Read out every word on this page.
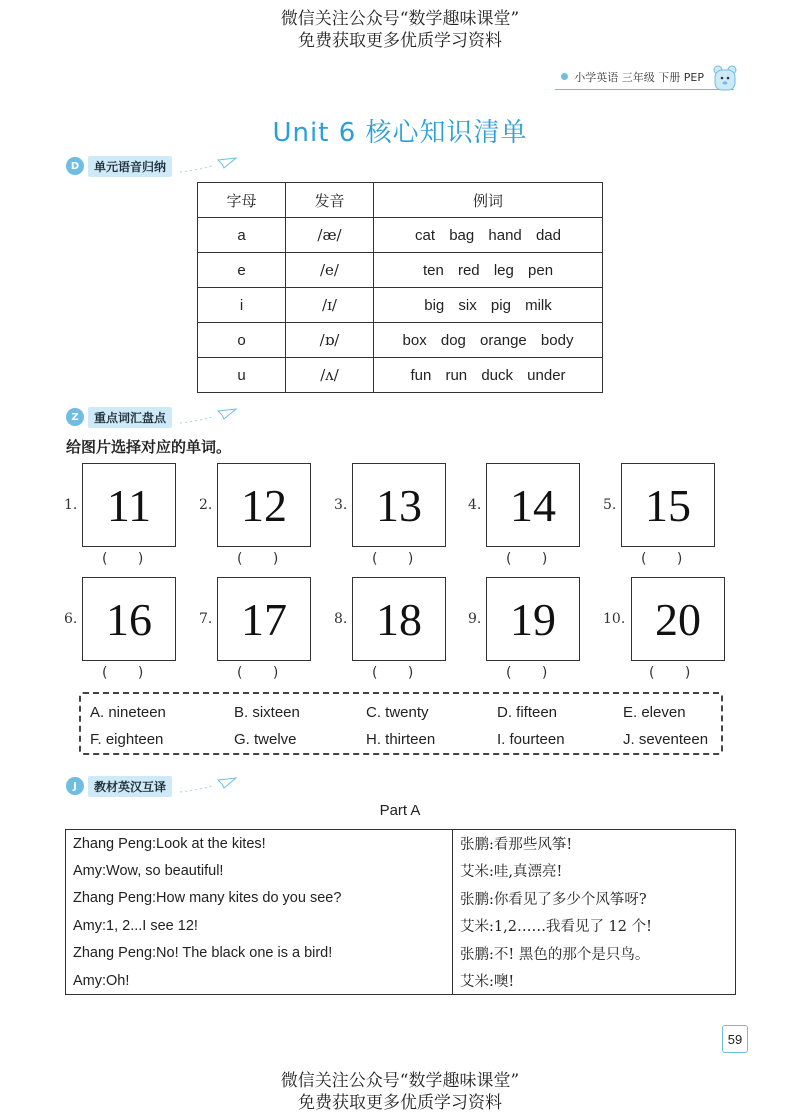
微信关注公众号“数学趣味课堂”
免费获取更多优质学习资料
小学英语 三年级 下册 PEP
Unit 6 核心知识清单
D	单元语音归纳
字母	发音	例词
a	/æ/	cat bag hand dad
e	/e/	ten red leg pen
i	/ɪ/	big six pig milk
o	/ɒ/	box dog orange body
u	/ʌ/	fun run duck under
Z	重点词汇盘点
给图片选择对应的单词。
1. 11
( )
2. 12
( )
3. 13
( )
4. 14
( )
5. 15
( )
6. 16
( )
7. 17
( )
8. 18
( )
9. 19
( )
10. 20
( )
A. nineteen	B. sixteen	C. twenty	D. fifteen	E. eleven
F. eighteen	G. twelve	H. thirteen	I. fourteen	J. seventeen
J	教材英汉互译
Part A
Zhang Peng:Look at the kites!	张鹏:看那些风筝!
Amy:Wow, so beautiful!	艾米:哇,真漂亮!
Zhang Peng:How many kites do you see?	张鹏:你看见了多少个风筝呀?
Amy:1, 2...I see 12!	艾米:1,2……我看见了 12 个!
Zhang Peng:No! The black one is a bird!	张鹏:不! 黑色的那个是只鸟。
Amy:Oh!	艾米:噢!
59
微信关注公众号“数学趣味课堂”
免费获取更多优质学习资料
